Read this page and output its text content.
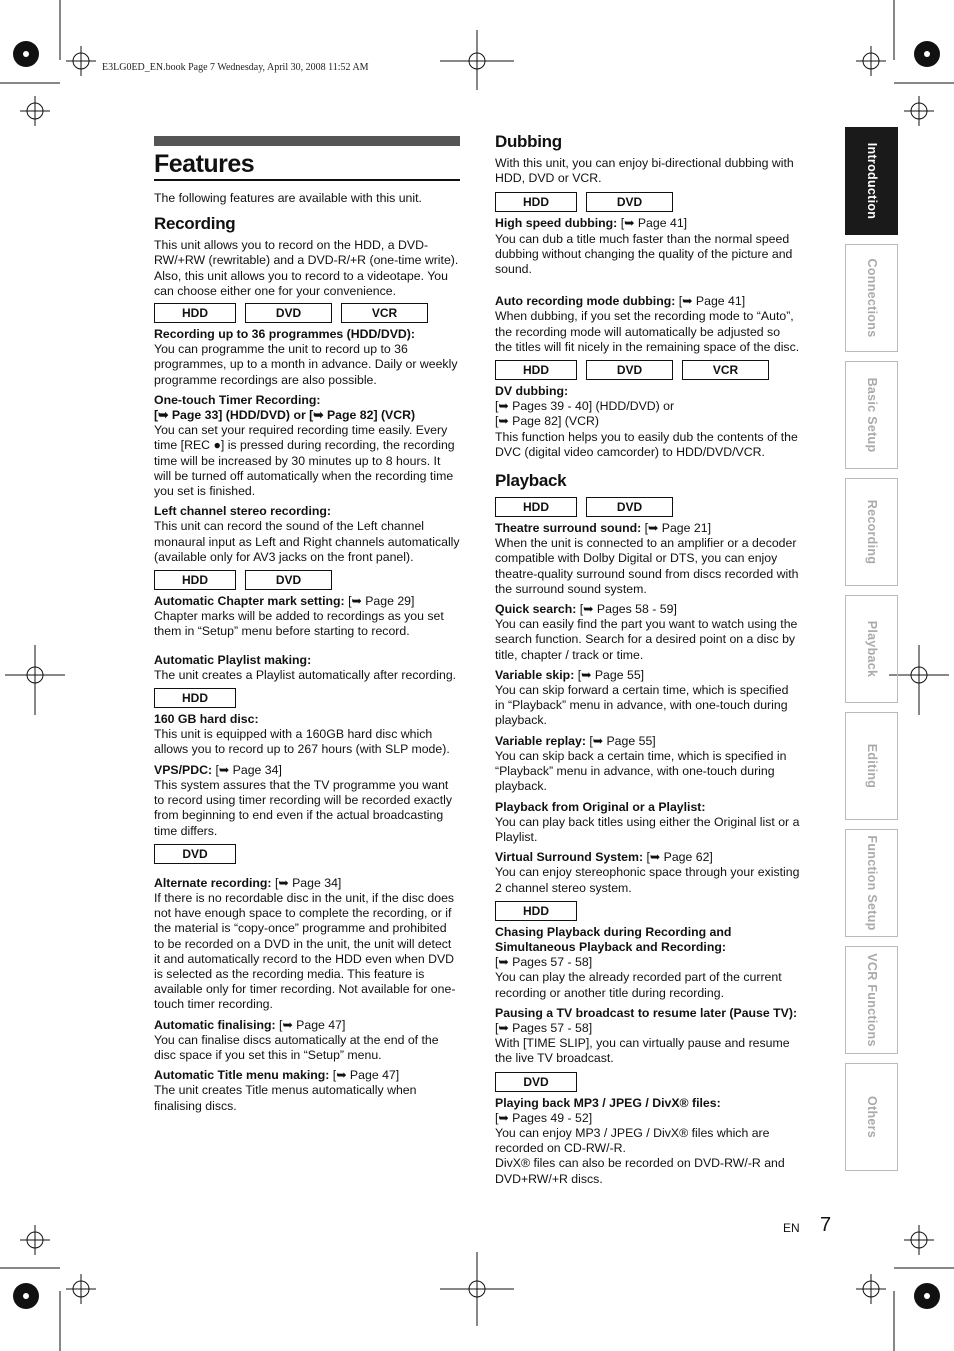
E3LG0ED_EN.book Page 7 Wednesday, April 30, 2008 11:52 AM
Features

The following features are available with this unit.

Recording

This unit allows you to record on the HDD, a DVD-RW/+RW (rewritable) and a DVD-R/+R (one-time write). Also, this unit allows you to record to a videotape. You can choose either one for your convenience.

HDD	DVD	VCR
Recording up to 36 programmes (HDD/DVD):

You can programme the unit to record up to 36 programmes, up to a month in advance. Daily or weekly programme recordings are also possible.

One-touch Timer Recording:
[➥ Page 33] (HDD/DVD) or [➥ Page 82] (VCR)

You can set your required recording time easily. Every time [REC ●] is pressed during recording, the recording time will be increased by 30 minutes up to 8 hours. It will be turned off automatically when the recording time you set is finished.

Left channel stereo recording:

This unit can record the sound of the Left channel monaural input as Left and Right channels automatically (available only for AV3 jacks on the front panel).

HDD	DVD
Automatic Chapter mark setting: [➥ Page 29]

Chapter marks will be added to recordings as you set them in “Setup” menu before starting to record.

Automatic Playlist making:

The unit creates a Playlist automatically after recording.

HDD
160 GB hard disc:

This unit is equipped with a 160GB hard disc which allows you to record up to 267 hours (with SLP mode).

VPS/PDC: [➥ Page 34]

This system assures that the TV programme you want to record using timer recording will be recorded exactly from beginning to end even if the actual broadcasting time differs.

DVD
Alternate recording: [➥ Page 34]

If there is no recordable disc in the unit, if the disc does not have enough space to complete the recording, or if the material is “copy-once” programme and prohibited to be recorded on a DVD in the unit, the unit will detect it and automatically record to the HDD even when DVD is selected as the recording media. This feature is available only for timer recording. Not available for one-touch timer recording.

Automatic finalising: [➥ Page 47]

You can finalise discs automatically at the end of the disc space if you set this in “Setup” menu.

Automatic Title menu making: [➥ Page 47]

The unit creates Title menus automatically when finalising discs.

Dubbing

With this unit, you can enjoy bi-directional dubbing with HDD, DVD or VCR.

HDD	DVD
High speed dubbing: [➥ Page 41]

You can dub a title much faster than the normal speed dubbing without changing the quality of the picture and sound.

Auto recording mode dubbing: [➥ Page 41]

When dubbing, if you set the recording mode to “Auto”, the recording mode will automatically be adjusted so the titles will fit nicely in the remaining space of the disc.

HDD	DVD	VCR
DV dubbing:
[➥ Pages 39 - 40] (HDD/DVD) or
[➥ Page 82] (VCR)

This function helps you to easily dub the contents of the DVC (digital video camcorder) to HDD/DVD/VCR.

Playback
HDD	DVD
Theatre surround sound: [➥ Page 21]

When the unit is connected to an amplifier or a decoder compatible with Dolby Digital or DTS, you can enjoy theatre-quality surround sound from discs recorded with the surround sound system.

Quick search: [➥ Pages 58 - 59]

You can easily find the part you want to watch using the search function. Search for a desired point on a disc by title, chapter / track or time.

Variable skip: [➥ Page 55]

You can skip forward a certain time, which is specified in “Playback” menu in advance, with one-touch during playback.

Variable replay: [➥ Page 55]

You can skip back a certain time, which is specified in “Playback” menu in advance, with one-touch during playback.

Playback from Original or a Playlist:

You can play back titles using either the Original list or a Playlist.

Virtual Surround System: [➥ Page 62]

You can enjoy stereophonic space through your existing 2 channel stereo system.

HDD
Chasing Playback during Recording and Simultaneous Playback and Recording:
[➥ Pages 57 - 58]

You can play the already recorded part of the current recording or another title during recording.

Pausing a TV broadcast to resume later (Pause TV):
[➥ Pages 57 - 58]

With [TIME SLIP], you can virtually pause and resume the live TV broadcast.

DVD
Playing back MP3 / JPEG / DivX® files:
[➥ Pages 49 - 52]

You can enjoy MP3 / JPEG / DivX® files which are recorded on CD-RW/-R.

DivX® files can also be recorded on DVD-RW/-R and DVD+RW/+R discs.

Introduction
Connections
Basic Setup
Recording
Playback
Editing
Function Setup
VCR Functions
Others
EN 7
